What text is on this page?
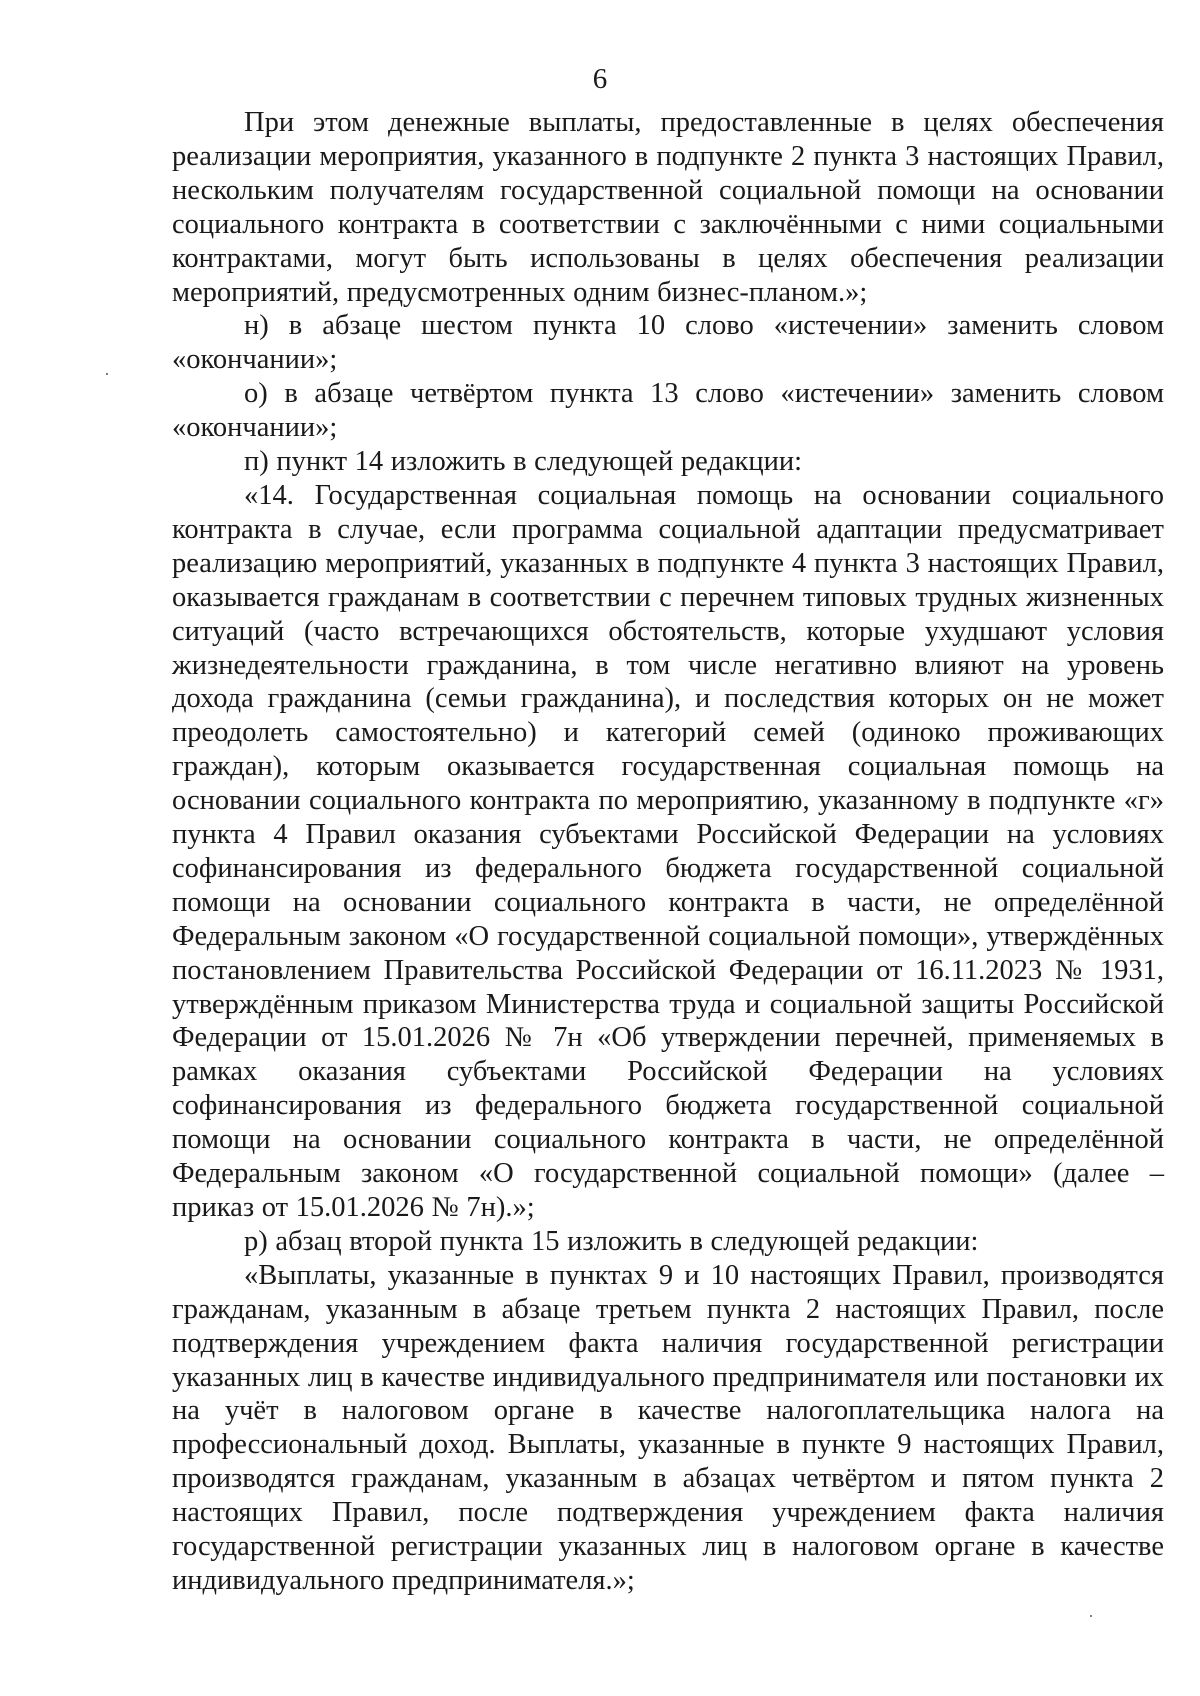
6

При этом денежные выплаты, предоставленные в целях обеспечения реализации мероприятия, указанного в подпункте 2 пункта 3 настоящих Правил, нескольким получателям государственной социальной помощи на основании социального контракта в соответствии с заключёнными с ними социальными контрактами, могут быть использованы в целях обеспечения реализации мероприятий, предусмотренных одним бизнес-планом.»;

н) в абзаце шестом пункта 10 слово «истечении» заменить словом «окончании»;

о) в абзаце четвёртом пункта 13 слово «истечении» заменить словом «окончании»;

п) пункт 14 изложить в следующей редакции:

«14. Государственная социальная помощь на основании социального контракта в случае, если программа социальной адаптации предусматривает реализацию мероприятий, указанных в подпункте 4 пункта 3 настоящих Правил, оказывается гражданам в соответствии с перечнем типовых трудных жизненных ситуаций (часто встречающихся обстоятельств, которые ухудшают условия жизнедеятельности гражданина, в том числе негативно влияют на уровень дохода гражданина (семьи гражданина), и последствия которых он не может преодолеть самостоятельно) и категорий семей (одиноко проживающих граждан), которым оказывается государственная социальная помощь на основании социального контракта по мероприятию, указанному в подпункте «г» пункта 4 Правил оказания субъектами Российской Федерации на условиях софинансирования из федерального бюджета государственной социальной помощи на основании социального контракта в части, не определённой Федеральным законом «О государственной социальной помощи», утверждённых постановлением Правительства Российской Федерации от 16.11.2023 № 1931, утверждённым приказом Министерства труда и социальной защиты Российской Федерации от 15.01.2026 № 7н «Об утверждении перечней, применяемых в рамках оказания субъектами Российской Федерации на условиях софинансирования из федерального бюджета государственной социальной помощи на основании социального контракта в части, не определённой Федеральным законом «О государственной социальной помощи» (далее – приказ от 15.01.2026 № 7н).»;

р) абзац второй пункта 15 изложить в следующей редакции:

«Выплаты, указанные в пунктах 9 и 10 настоящих Правил, производятся гражданам, указанным в абзаце третьем пункта 2 настоящих Правил, после подтверждения учреждением факта наличия государственной регистрации указанных лиц в качестве индивидуального предпринимателя или постановки их на учёт в налоговом органе в качестве налогоплательщика налога на профессиональный доход. Выплаты, указанные в пункте 9 настоящих Правил, производятся гражданам, указанным в абзацах четвёртом и пятом пункта 2 настоящих Правил, после подтверждения учреждением факта наличия государственной регистрации указанных лиц в налоговом органе в качестве индивидуального предпринимателя.»;
